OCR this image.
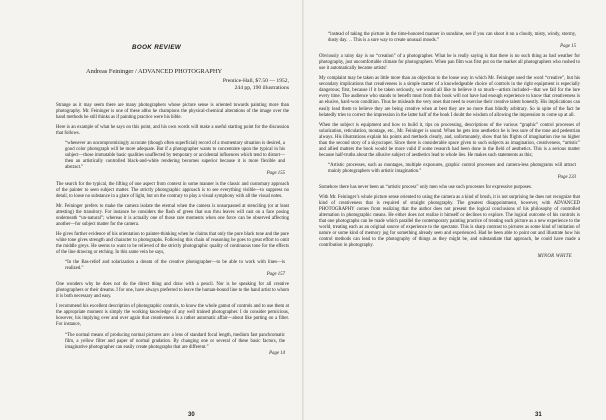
BOOK REVIEW
Andreas Feininger / ADVANCED PHOTOGRAPHY

Prentice-Hall, $7.50 — 1952,

244 pp, 190 illustrations

Strange as it may seem there are many photographers whose picture sense is oriented towards painting more than photography. Mr. Feininger is one of these altho he champions the physical-chemical alterations of the image over the hand methods he still thinks as if painting practice were his bible.

Here is an example of what he says on this point, and his own words will make a useful starting point for the discussion that follows.

“whenever an uncompromisingly accurate (though often superficial) record of a momentary situation is desired, a good color photograph will be more adequate. But if a photographer wants to concentrate upon the typical in his subject—those immutable basic qualities unaffected by temporary or accidental influences which tend to distort—then an artistically controlled black-and-white rendering becomes superior because it is more flexible and abstract.”
Page 155

The search for the typical, the lifting of one aspect from context in some manner is the classic and customary approach of the painter to seen subject matter. The strictly photographic approach is to see everything visible—to suppress no detail, to loose no substance in a glare of light, but on the contrary to play a visual symphony with all the visual notes.

Mr. Feininger prefers to make the camera isolate the eternal when the camera is unsurpassed at stenciling (or at least attesting) the transitory. For instance he considers the flash of green that sun thru leaves will cast on a face posing underneath “un-natural”; whereas it is actually one of those rare moments when one force can be observed affecting another—for subject matter for the camera.

He gives further evidence of his orientation to painter-thinking when he claims that only the pure black tone and the pure white tone gives strength and character to photographs. Following this chain of reasoning he goes to great effort to omit the middle greys. He seems to want to be relieved of the strictly photographic quality of continuous tone for the effects of the line drawing or etching. In this same vein he says,

“In the Bas-relief and solarization a dream of the creative photographer—to be able to work with lines—is realized.”
Page 157

One wonders why he does not do the direct thing and draw with a pencil. Nor is he speaking for all creative photographers or their dreams. I for one, have always preferred to leave the human-bound line to the hand artist to whom it is both necessary and easy.

I recommend his excellent description of photographic controls, to know the whole gamut of controls and to use them at the appropriate moment is simply the working knowledge of any well trained photographer. I do consider pernicious, however, his implying over and over again that creativeness is a rather automatic affair—about like putting on a filter. For instance,

“The normal means of producing normal pictures are: a lens of standard focal length, medium fast panchromatic film, a yellow filter and paper of normal gradation. By changing one or several of these basic factors, the imaginative photographer can easily create photographs that are different.”
Page 14

30

“instead of taking the picture in the time-honored manner in sunshine, see if you can shoot it on a cloudy, misty, windy, stormy, dusty day. . . This is a sure way to create unusual moods.”
Page 15

Obviously a rainy day is no “creation” of a photographer. What he is really saying is that there is no such thing as bad weather for photography, just uncomfortable climate for photographers. When pan film was first put on the market all photographers who rushed to use it automatically became artists!

My complaint may be taken as little more than an objection to the loose way in which Mr. Feininger used the word “creative”, but his secondary implications that creativeness is a simple matter of a knowledgeable choice of controls in the right equipment is especially dangerous; first, because if it be taken seriously, we would all like to believe it so much—artists included—that we fall for the lure every time. The audience who stands to benefit must from this book will not have had enough experience to know that creativeness is an elusive, hard-won condition. Thus he misleads the very ones that need to exercise their creative talent honestly. His implications can easily lead them to believe they are being creative when at best they are no more than blindly arbitrary. So in spite of the fact he belatedly tries to correct the impression in the latter half of the book I doubt the wisdom of allowing the impression to come up at all.

When the subject is equipment and how to build it, tips on processing, descriptions of the various “graphic” control processes of solarization, reticulation, montage, etc., Mr. Feininger is sound. When he gets into aesthetics he is less sure of the tone and pedestrian always. His illustrations explain his points and methods clearly, and, unfortunately, show that his flights of imagination rise no higher than the second story of a skyscraper. Since there is considerable space given to such subjects as imagination, creativeness, “artistic” and allied matters the book would be more valid if some research had been done in the field of aesthetics. This is a serious matter because half-truths about the allusive subject of aesthetics lead to whole lies. He makes such statements as this;

“Artistic processes, such as montages, multiple exposures, graphic control processes and camera-less photograms will attract mainly photographers with artistic imagination.”
Page 233

Somehow there has never been an “artistic process” only men who use such processes for expressive purposes.

With Mr. Feininger’s whole picture sense oriented to using the camera as a kind of brush, it is not surprising he does not recognize that kind of creativeness that is required of straight photography. The greatest disappointment, however, with ADVANCED PHOTOGRAPHY comes from realizing that the author does not present the logical conclusions of his philosophy of controlled alternation in photographic means. He either does not realize it himself or declines to explore. The logical outcome of his controls is that one photographs can be made which parallel the contemporary painting practice of treating each picture as a new experience to the world, treating each as an original source of experience to the spectator. This is sharp contrast to pictures as some kind of imitation of nature or some kind of memory jog for something already seen and experienced. Had he been able to point out and illustrate how his control methods can lead to the photography of things as they might be, and substantiate that approach, he could have made a contribution in photography.

MINOR WHITE
31
